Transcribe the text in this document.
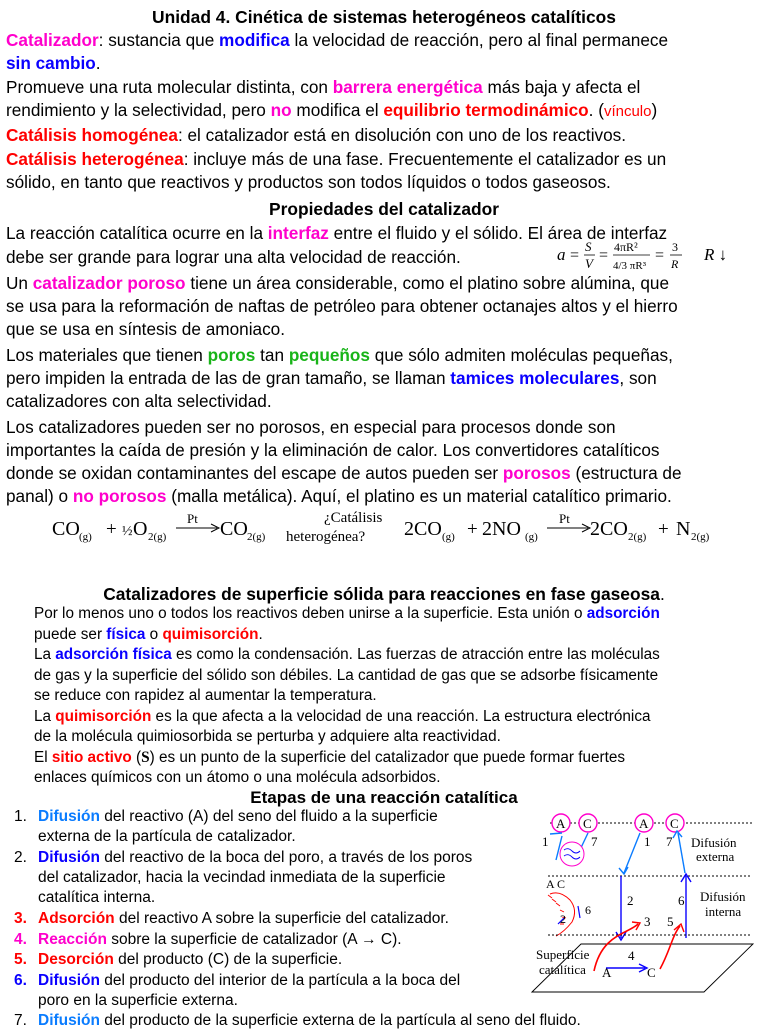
Unidad 4. Cinética de sistemas heterogéneos catalíticos
Catalizador: sustancia que modifica la velocidad de reacción, pero al final permanece
sin cambio.
Promueve una ruta molecular distinta, con barrera energética más baja y afecta el
rendimiento y la selectividad, pero no modifica el equilibrio termodinámico. (vínculo)
Catálisis homogénea: el catalizador está en disolución con uno de los reactivos.
Catálisis heterogénea: incluye más de una fase. Frecuentemente el catalizador es un
sólido, en tanto que reactivos y productos son todos líquidos o todos gaseosos.
Propiedades del catalizador
La reacción catalítica ocurre en la interfaz entre el fluido y el sólido. El área de interfaz
debe ser grande para lograr una alta velocidad de reacción.	a =
S
V = 4πR²
4/3 πR³
= 3
R R ↓
Un catalizador poroso tiene un área considerable, como el platino sobre alúmina, que
se usa para la reformación de naftas de petróleo para obtener octanajes altos y el hierro
que se usa en síntesis de amoniaco.
Los materiales que tienen poros tan pequeños que sólo admiten moléculas pequeñas,
pero impiden la entrada de las de gran tamaño, se llaman tamices moleculares, son
catalizadores con alta selectividad.
Los catalizadores pueden ser no porosos, en especial para procesos donde son
importantes la caída de presión y la eliminación de calor. Los convertidores catalíticos
donde se oxidan contaminantes del escape de autos pueden ser porosos (estructura de
panal) o no porosos (malla metálica). Aquí, el platino es un material catalítico primario.
CO (g) + ½ O 2(g)
Pt CO 2(g)
¿Catálisis
heterogénea? 2CO (g) + 2NO (g)
Pt 2CO 2(g) + N 2(g)
Catalizadores de superficie sólida para reacciones en fase gaseosa.
Por lo menos uno o todos los reactivos deben unirse a la superficie. Esta unión o adsorción
puede ser física o quimisorción.
La adsorción física es como la condensación. Las fuerzas de atracción entre las moléculas
de gas y la superficie del sólido son débiles. La cantidad de gas que se adsorbe físicamente
se reduce con rapidez al aumentar la temperatura.
La quimisorción es la que afecta a la velocidad de una reacción. La estructura electrónica
de la molécula quimiosorbida se perturba y adquiere alta reactividad.
El sitio activo (S) es un punto de la superficie del catalizador que puede formar fuertes
enlaces químicos con un átomo o una molécula adsorbidos.
Etapas de una reacción catalítica
1. Difusión del reactivo (A) del seno del fluido a la superficie
externa de la partícula de catalizador.
2. Difusión del reactivo de la boca del poro, a través de los poros
del catalizador, hacia la vecindad inmediata de la superficie
catalítica interna.
3. Adsorción del reactivo A sobre la superficie del catalizador.
4. Reacción sobre la superficie de catalizador (A → C).
5. Desorción del producto (C) de la superficie.
6. Difusión del producto del interior de la partícula a la boca del
poro en la superficie externa.
7. Difusión del producto de la superficie externa de la partícula al seno del fluido.
A C	A C
1	7	1 7 Difusión
externa
A C
2
6
2	6 Difusión
interna
3 5
4
A	C
Superficie
catalítica
